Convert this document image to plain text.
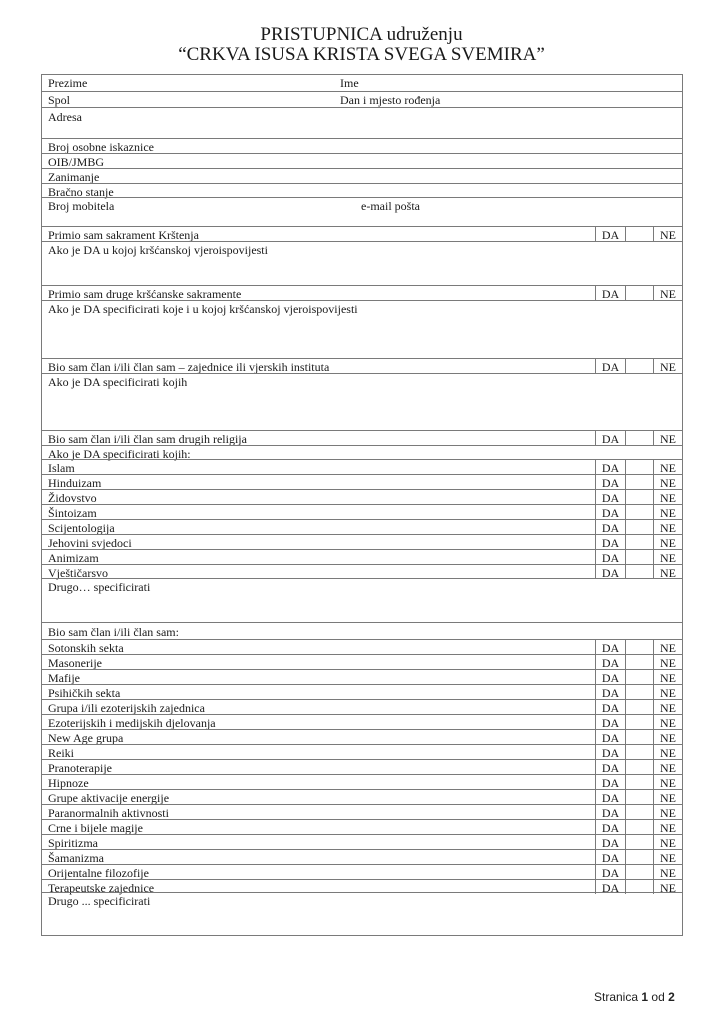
PRISTUPNICA udruženju
“CRKVA ISUSA KRISTA SVEGA SVEMIRA”
Prezime	Ime
Spol	Dan i mjesto rođenja
Adresa
Broj osobne iskaznice
OIB/JMBG
Zanimanje
Bračno stanje
Broj mobitela	e-mail pošta
Primio sam sakrament Krštenja	DA	NE
Ako je DA u kojoj kršćanskoj vjeroispovijesti
Primio sam druge kršćanske sakramente	DA	NE
Ako je DA specificirati koje i u kojoj kršćanskoj vjeroispovijesti
Bio sam član i/ili član sam – zajednice ili vjerskih instituta	DA	NE
Ako je DA specificirati kojih
Bio sam član i/ili član sam drugih religija	DA	NE
Ako je DA specificirati kojih:
Islam	DA	NE
Hinduizam	DA	NE
Židovstvo	DA	NE
Šintoizam	DA	NE
Scijentologija	DA	NE
Jehovini svjedoci	DA	NE
Animizam	DA	NE
Vještičarsvo	DA	NE
Drugo… specificirati
Bio sam član i/ili član sam:
Sotonskih sekta	DA	NE
Masonerije	DA	NE
Mafije	DA	NE
Psihičkih sekta	DA	NE
Grupa i/ili ezoterijskih zajednica	DA	NE
Ezoterijskih i medijskih djelovanja	DA	NE
New Age grupa	DA	NE
Reiki	DA	NE
Pranoterapije	DA	NE
Hipnoze	DA	NE
Grupe aktivacije energije	DA	NE
Paranormalnih aktivnosti	DA	NE
Crne i bijele magije	DA	NE
Spiritizma	DA	NE
Šamanizma	DA	NE
Orijentalne filozofije	DA	NE
Terapeutske zajednice	DA	NE
Drugo ... specificirati
Stranica 1 od 2
